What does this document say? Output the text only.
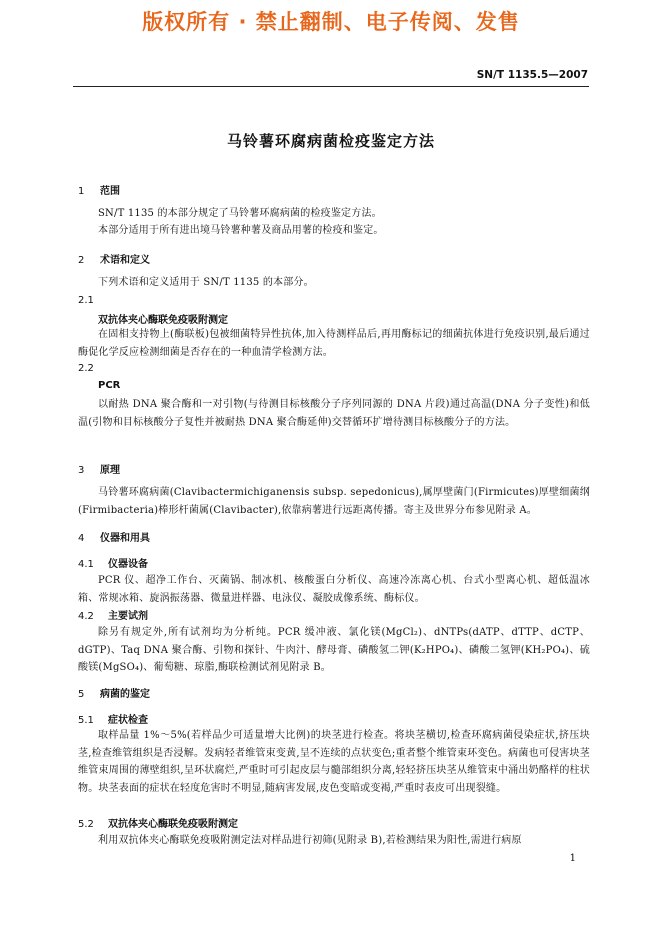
版权所有 · 禁止翻制、电子传阅、发售
SN/T 1135.5—2007
马铃薯环腐病菌检疫鉴定方法
1 范围
SN/T 1135 的本部分规定了马铃薯环腐病菌的检疫鉴定方法。
本部分适用于所有进出境马铃薯种薯及商品用薯的检疫和鉴定。
2 术语和定义
下列术语和定义适用于 SN/T 1135 的本部分。
2.1
双抗体夹心酶联免疫吸附测定
在固相支持物上(酶联板)包被细菌特异性抗体,加入待测样品后,再用酶标记的细菌抗体进行免疫识别,最后通过酶促化学反应检测细菌是否存在的一种血清学检测方法。
2.2
PCR
以耐热 DNA 聚合酶和一对引物(与待测目标核酸分子序列同源的 DNA 片段)通过高温(DNA 分子变性)和低温(引物和目标核酸分子复性并被耐热 DNA 聚合酶延伸)交替循环扩增待测目标核酸分子的方法。
3 原理
马铃薯环腐病菌(Clavibactermichiganensis subsp. sepedonicus),属厚壁菌门(Firmicutes)厚壁细菌纲(Firmibacteria)棒形杆菌属(Clavibacter),依靠病薯进行远距离传播。寄主及世界分布参见附录 A。
4 仪器和用具
4.1 仪器设备
PCR 仪、超净工作台、灭菌锅、制冰机、核酸蛋白分析仪、高速冷冻离心机、台式小型离心机、超低温冰箱、常规冰箱、旋涡振荡器、微量进样器、电泳仪、凝胶成像系统、酶标仪。
4.2 主要试剂
除另有规定外,所有试剂均为分析纯。PCR 缓冲液、氯化镁(MgCl₂)、dNTPs(dATP、dTTP、dCTP、dGTP)、Taq DNA 聚合酶、引物和探针、牛肉汁、酵母膏、磷酸氢二钾(K₂HPO₄)、磷酸二氢钾(KH₂PO₄)、硫酸镁(MgSO₄)、葡萄糖、琼脂,酶联检测试剂见附录 B。
5 病菌的鉴定
5.1 症状检查
取样品量 1%～5%(若样品少可适量增大比例)的块茎进行检查。将块茎横切,检查环腐病菌侵染症状,挤压块茎,检查维管组织是否浸解。发病轻者维管束变黄,呈不连续的点状变色;重者整个维管束环变色。病菌也可侵害块茎维管束周围的薄壁组织,呈环状腐烂,严重时可引起皮层与髓部组织分离,轻轻挤压块茎从维管束中涌出奶酪样的柱状物。块茎表面的症状在轻度危害时不明显,随病害发展,皮色变暗或变褐,严重时表皮可出现裂缝。
5.2 双抗体夹心酶联免疫吸附测定
利用双抗体夹心酶联免疫吸附测定法对样品进行初筛(见附录 B),若检测结果为阳性,需进行病原
1
